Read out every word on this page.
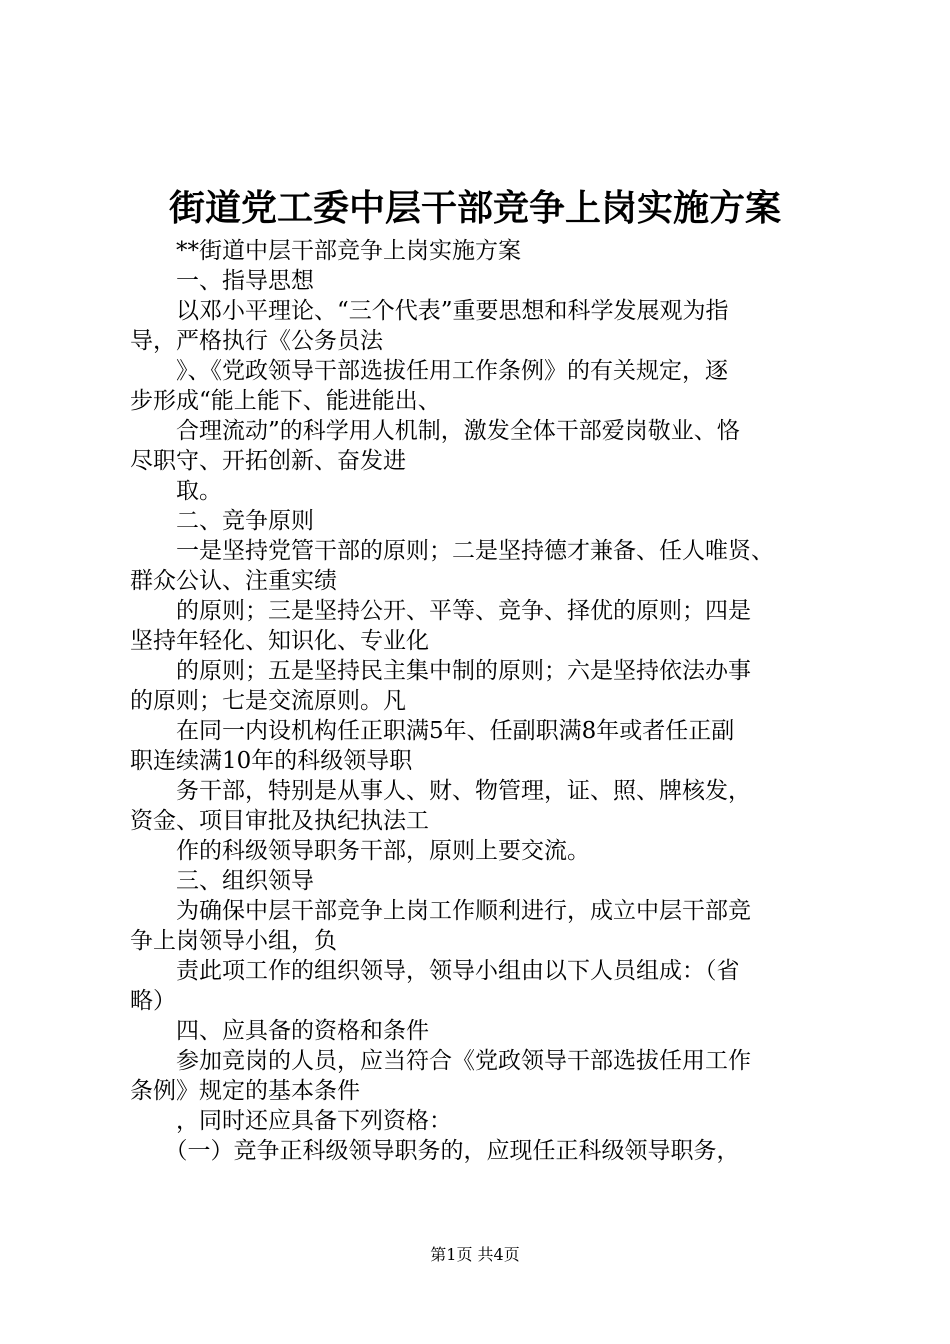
街道党工委中层干部竞争上岗实施方案

**街道中层干部竞争上岗实施方案

一、指导思想

以邓小平理论、“三个代表”重要思想和科学发展观为指

导，严格执行《公务员法

》、《党政领导干部选拔任用工作条例》的有关规定，逐

步形成“能上能下、能进能出、

合理流动”的科学用人机制，激发全体干部爱岗敬业、恪

尽职守、开拓创新、奋发进

取。

二、竞争原则

一是坚持党管干部的原则；二是坚持德才兼备、任人唯贤、

群众公认、注重实绩

的原则；三是坚持公开、平等、竞争、择优的原则；四是

坚持年轻化、知识化、专业化

的原则；五是坚持民主集中制的原则；六是坚持依法办事

的原则；七是交流原则。凡

在同一内设机构任正职满5年、任副职满8年或者任正副

职连续满10年的科级领导职

务干部，特别是从事人、财、物管理，证、照、牌核发，

资金、项目审批及执纪执法工

作的科级领导职务干部，原则上要交流。

三、组织领导

为确保中层干部竞争上岗工作顺利进行，成立中层干部竞

争上岗领导小组，负

责此项工作的组织领导，领导小组由以下人员组成：（省

略）

四、应具备的资格和条件

参加竞岗的人员，应当符合《党政领导干部选拔任用工作

条例》规定的基本条件

，同时还应具备下列资格：

（一）竞争正科级领导职务的，应现任正科级领导职务，

第1页 共4页
